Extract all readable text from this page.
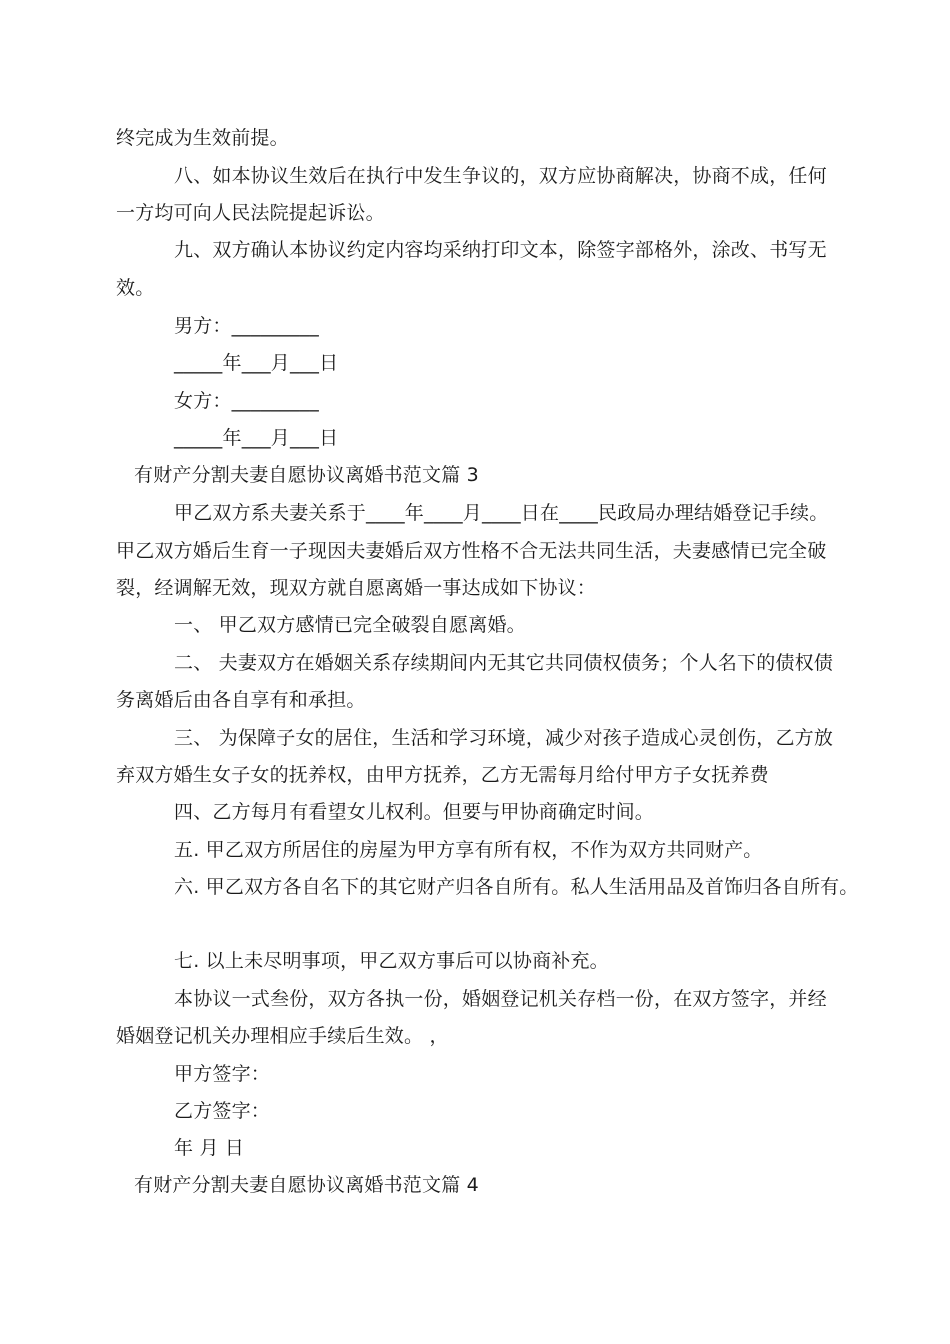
终完成为生效前提。
八、如本协议生效后在执行中发生争议的，双方应协商解决，协商不成，任何
一方均可向人民法院提起诉讼。
九、双方确认本协议约定内容均采纳打印文本，除签字部格外，涂改、书写无
效。
男方：_________
_____年___月___日
女方：_________
_____年___月___日
有财产分割夫妻自愿协议离婚书范文篇 3
甲乙双方系夫妻关系于____年____月____日在____民政局办理结婚登记手续。
甲乙双方婚后生育一子现因夫妻婚后双方性格不合无法共同生活，夫妻感情已完全破
裂，经调解无效，现双方就自愿离婚一事达成如下协议：
一、 甲乙双方感情已完全破裂自愿离婚。
二、 夫妻双方在婚姻关系存续期间内无其它共同债权债务；个人名下的债权债
务离婚后由各自享有和承担。
三、 为保障子女的居住，生活和学习环境，减少对孩子造成心灵创伤，乙方放
弃双方婚生女子女的抚养权，由甲方抚养，乙方无需每月给付甲方子女抚养费
四、乙方每月有看望女儿权利。但要与甲协商确定时间。
五. 甲乙双方所居住的房屋为甲方享有所有权，不作为双方共同财产。
六. 甲乙双方各自名下的其它财产归各自所有。私人生活用品及首饰归各自所有。
七. 以上未尽明事项，甲乙双方事后可以协商补充。
本协议一式叁份，双方各执一份，婚姻登记机关存档一份，在双方签字，并经
婚姻登记机关办理相应手续后生效。 ，
甲方签字：
乙方签字：
年 月 日
有财产分割夫妻自愿协议离婚书范文篇 4
